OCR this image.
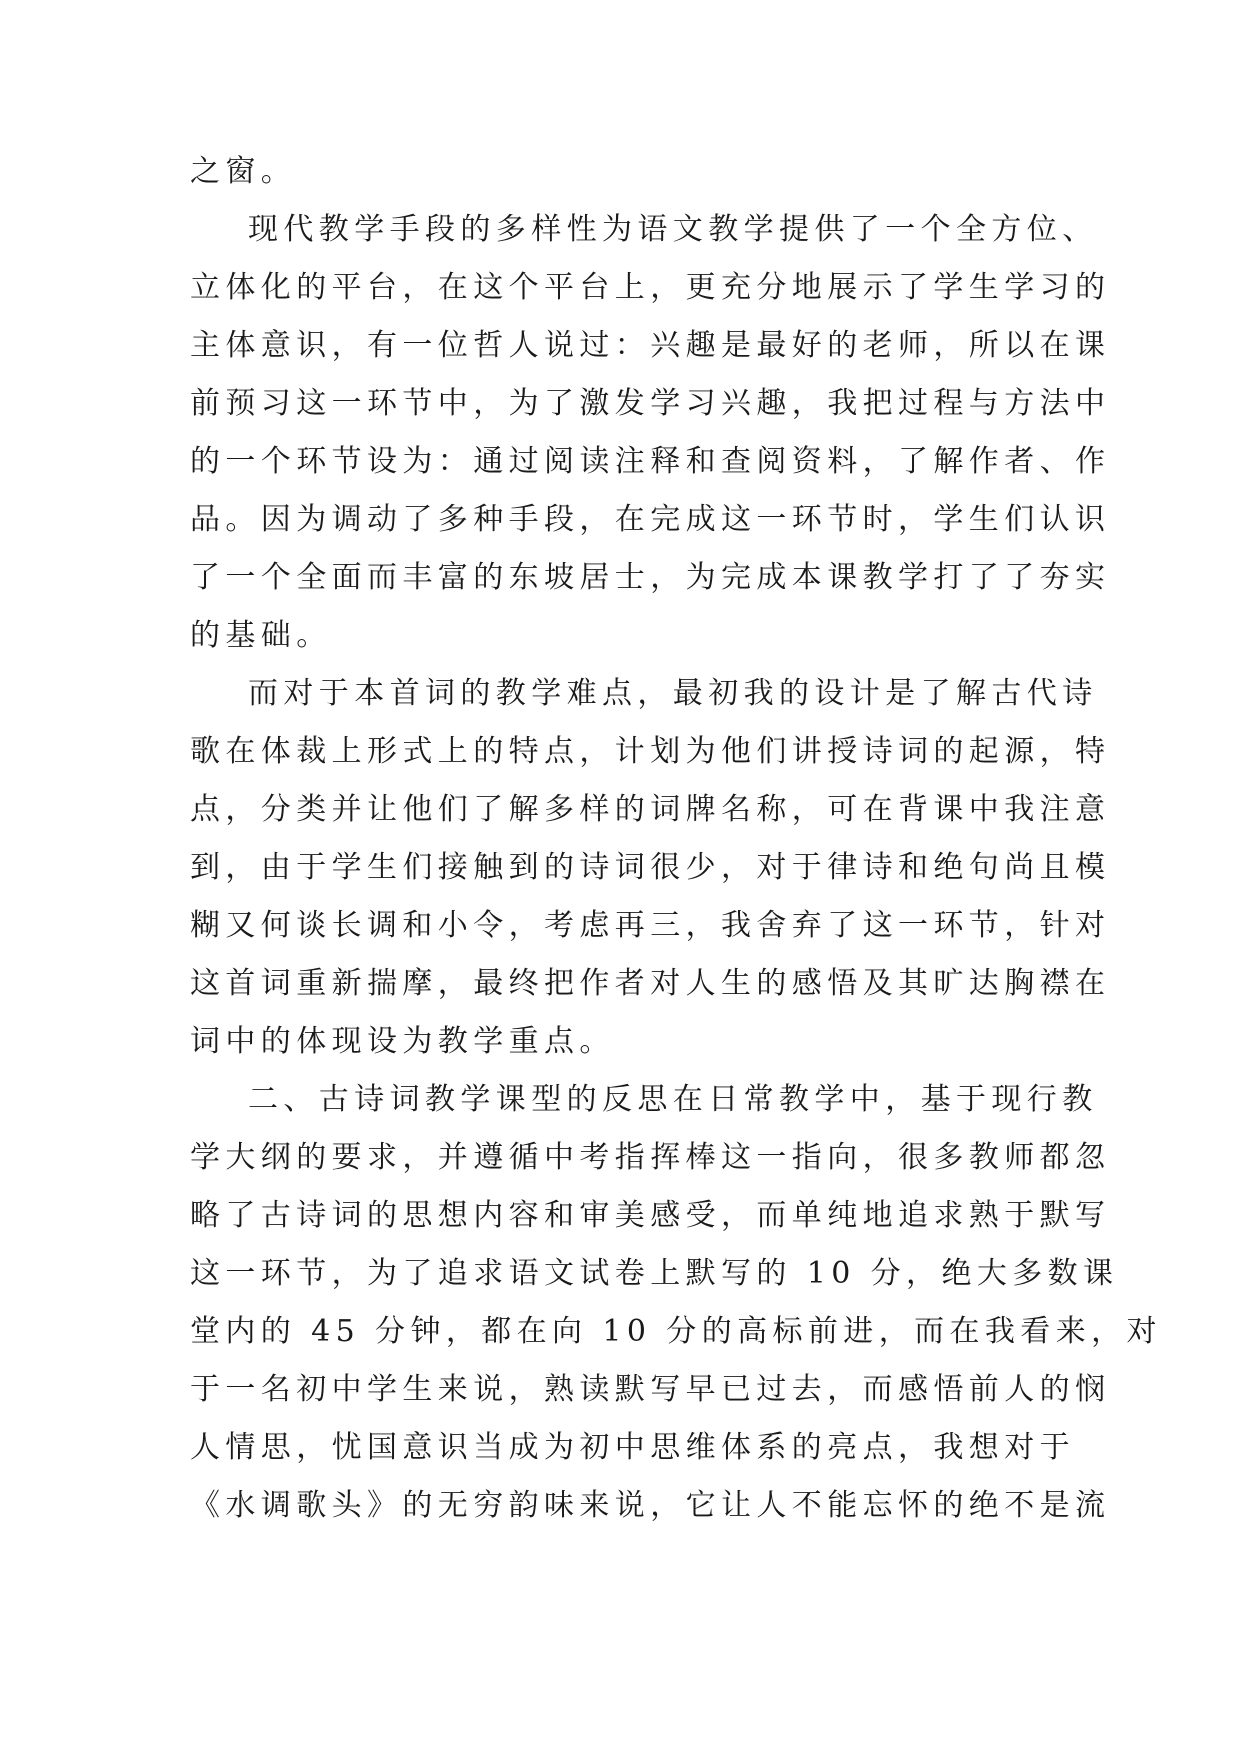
之窗。

现代教学手段的多样性为语文教学提供了一个全方位、

立体化的平台，在这个平台上，更充分地展示了学生学习的

主体意识，有一位哲人说过：兴趣是最好的老师，所以在课

前预习这一环节中，为了激发学习兴趣，我把过程与方法中

的一个环节设为：通过阅读注释和查阅资料，了解作者、作

品。因为调动了多种手段，在完成这一环节时，学生们认识

了一个全面而丰富的东坡居士，为完成本课教学打了了夯实

的基础。

而对于本首词的教学难点，最初我的设计是了解古代诗

歌在体裁上形式上的特点，计划为他们讲授诗词的起源，特

点，分类并让他们了解多样的词牌名称，可在背课中我注意

到，由于学生们接触到的诗词很少，对于律诗和绝句尚且模

糊又何谈长调和小令，考虑再三，我舍弃了这一环节，针对

这首词重新揣摩，最终把作者对人生的感悟及其旷达胸襟在

词中的体现设为教学重点。

二、古诗词教学课型的反思在日常教学中，基于现行教

学大纲的要求，并遵循中考指挥棒这一指向，很多教师都忽

略了古诗词的思想内容和审美感受，而单纯地追求熟于默写

这一环节，为了追求语文试卷上默写的 10 分，绝大多数课

堂内的 45 分钟，都在向 10 分的高标前进，而在我看来，对

于一名初中学生来说，熟读默写早已过去，而感悟前人的悯

人情思，忧国意识当成为初中思维体系的亮点，我想对于

《水调歌头》的无穷韵味来说，它让人不能忘怀的绝不是流
